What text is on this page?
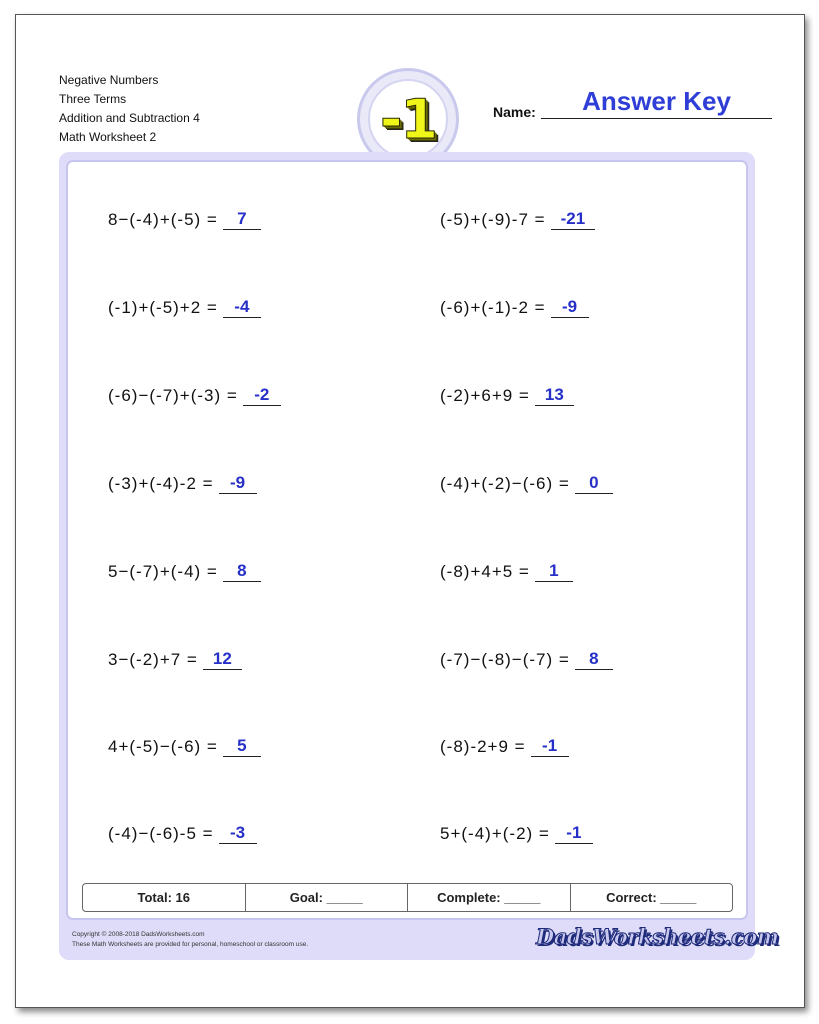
Negative Numbers
Three Terms
Addition and Subtraction 4
Math Worksheet 2	-1	Name:	Answer Key
8−(-4)+(-5) =	7	(-5)+(-9)-7 = -21
(-1)+(-5)+2 = -4	(-6)+(-1)-2 = -9
(-6)−(-7)+(-3) = -2	(-2)+6+9 = 13
(-3)+(-4)-2 = -9	(-4)+(-2)−(-6) =	0
5−(-7)+(-4) =	8	(-8)+4+5 =	1
3−(-2)+7 = 12	(-7)−(-8)−(-7) =	8
4+(-5)−(-6) =	5	(-8)-2+9 = -1
(-4)−(-6)-5 = -3	5+(-4)+(-2) = -1
Total: 16	Goal: _____	Complete: _____	Correct: _____
Copyright © 2008-2018 DadsWorksheets.com
These Math Worksheets are provided for personal, homeschool or classroom use.	DadsWorksheets.com
